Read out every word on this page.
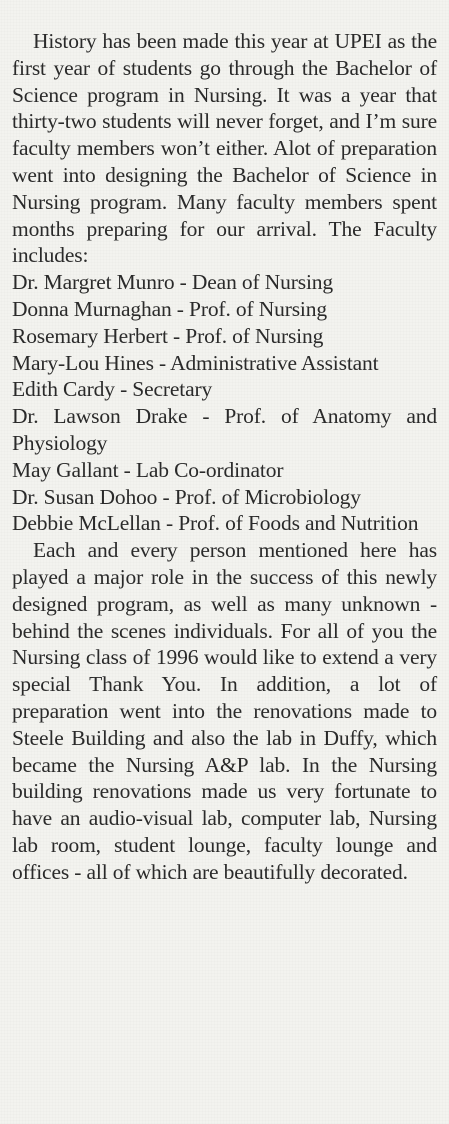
History has been made this year at UPEI as the first year of students go through the Bachelor of Science program in Nursing. It was a year that thirty-two students will never forget, and I’m sure faculty members won’t either. Alot of preparation went into designing the Bachelor of Science in Nursing program. Many faculty members spent months preparing for our arrival. The Faculty includes:

Dr. Margret Munro - Dean of Nursing
Donna Murnaghan - Prof. of Nursing
Rosemary Herbert - Prof. of Nursing
Mary-Lou Hines - Administrative Assistant
Edith Cardy - Secretary
Dr. Lawson Drake - Prof. of Anatomy and Physiology
May Gallant - Lab Co-ordinator
Dr. Susan Dohoo - Prof. of Microbiology
Debbie McLellan - Prof. of Foods and Nutrition

Each and every person mentioned here has played a major role in the success of this newly designed program, as well as many unknown - behind the scenes individuals. For all of you the Nursing class of 1996 would like to extend a very special Thank You. In addition, a lot of preparation went into the renovations made to Steele Building and also the lab in Duffy, which became the Nursing A&P lab. In the Nursing building renovations made us very fortunate to have an audio-visual lab, computer lab, Nursing lab room, student lounge, faculty lounge and offices - all of which are beautifully decorated.
